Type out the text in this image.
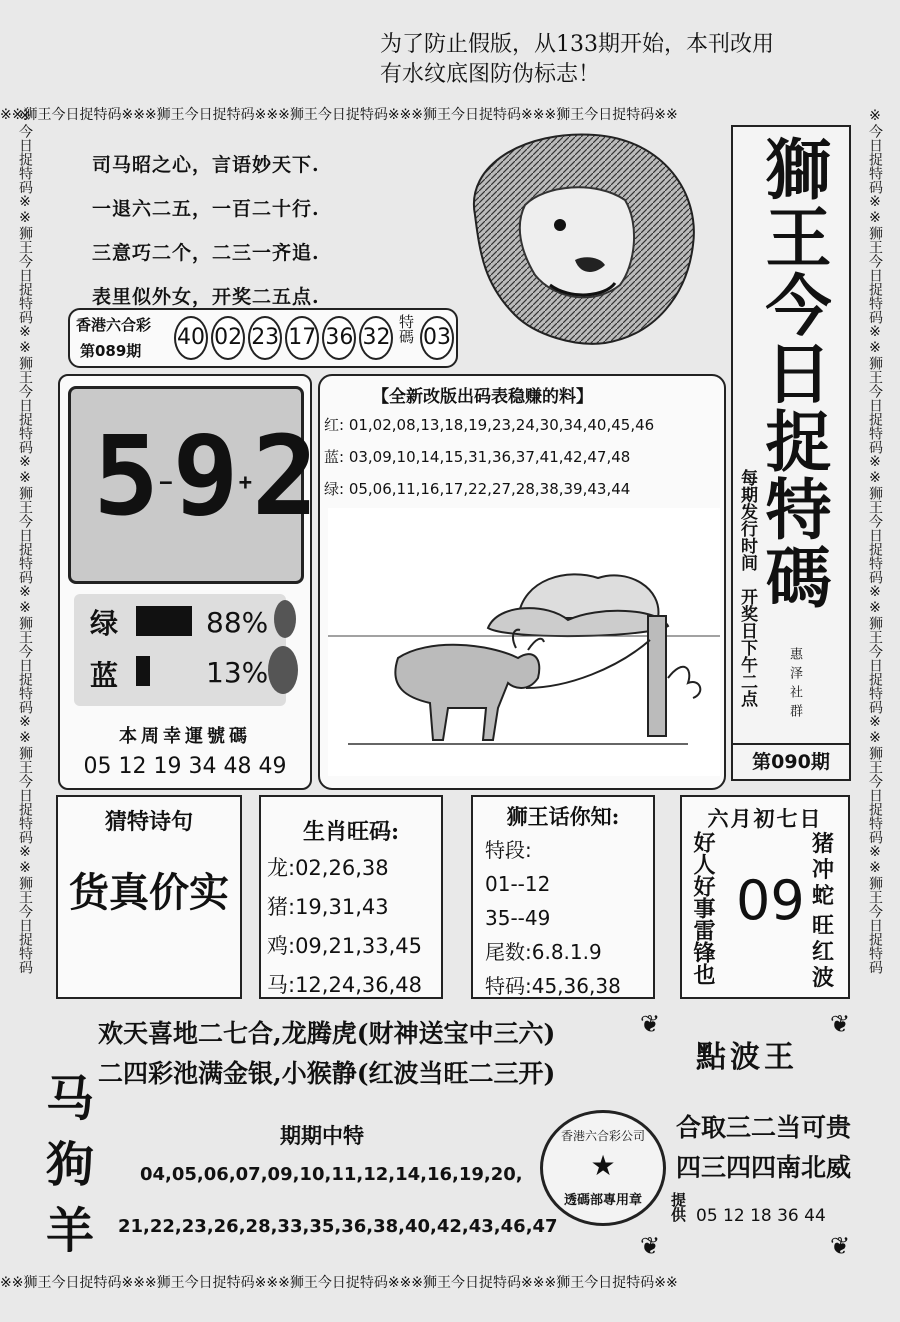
为了防止假版，从133期开始，本刊改用
有水纹底图防伪标志！
※※狮王今日捉特码※※※狮王今日捉特码※※※狮王今日捉特码※※※狮王今日捉特码※※※狮王今日捉特码※※
※※狮王今日捉特码※※※狮王今日捉特码※※※狮王今日捉特码※※※狮王今日捉特码※※※狮王今日捉特码※※
※今日捉特码※※狮王今日捉特码※※狮王今日捉特码※※狮王今日捉特码※※狮王今日捉特码※※狮王今日捉特码※※狮王今日捉特码	※今日捉特码※※狮王今日捉特码※※狮王今日捉特码※※狮王今日捉特码※※狮王今日捉特码※※狮王今日捉特码※※狮王今日捉特码
司马昭之心，言语妙天下.
一退六二五，一百二十行.
三意巧二个，二三一齐追.
表里似外女，开奖二五点.
香港六合彩
第089期
40 02 23 17 36 32 特碼 03	獅王今日捉特碼
每期发行时间　开奖日下午二点 惠泽社群
第090期
5−9+2
绿	88%
蓝	13%
本周幸運號碼
05 12 19 34 48 49
【全新改版出码表稳赚的料】
红: 01,02,08,13,18,19,23,24,30,34,40,45,46
蓝: 03,09,10,14,15,31,36,37,41,42,47,48
绿: 05,06,11,16,17,22,27,28,38,39,43,44
猜特诗句
货真价实
生肖旺码:
龙:02,26,38
猪:19,31,43
鸡:09,21,33,45
马:12,24,36,48
狮王话你知:
特段:
01--12
35--49
尾数:6.8.1.9
特码:45,36,38
六月初七日
好人好事雷锋也 09
猪冲蛇
旺红波
欢天喜地二七合,龙腾虎(财神送宝中三六)
二四彩池满金银,小猴静(红波当旺二三开)
马
狗
羊
期期中特
04,05,06,07,09,10,11,12,14,16,19,20,
21,22,23,26,28,33,35,36,38,40,42,43,46,47
香港六合彩公司
★
透碼部專用章
❦	❦
❦	❦
點波王
合取三二当可贵
四三四四南北威
提供 05 12 18 36 44
